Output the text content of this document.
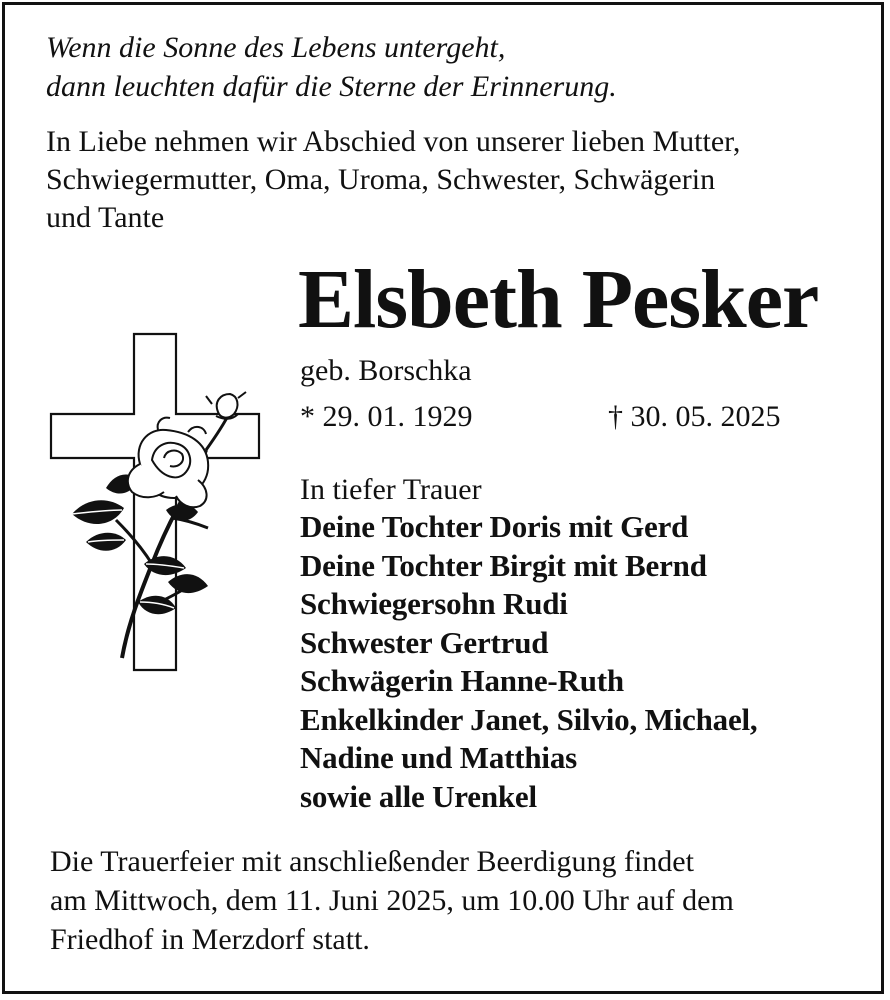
Wenn die Sonne des Lebens untergeht,
dann leuchten dafür die Sterne der Erinnerung.
In Liebe nehmen wir Abschied von unserer lieben Mutter,
Schwiegermutter, Oma, Uroma, Schwester, Schwägerin
und Tante
Elsbeth Pesker
geb. Borschka
* 29. 01. 1929	† 30. 05. 2025
In tiefer Trauer
Deine Tochter Doris mit Gerd
Deine Tochter Birgit mit Bernd
Schwiegersohn Rudi
Schwester Gertrud
Schwägerin Hanne-Ruth
Enkelkinder Janet, Silvio, Michael,
Nadine und Matthias
sowie alle Urenkel
Die Trauerfeier mit anschließender Beerdigung findet
am Mittwoch, dem 11. Juni 2025, um 10.00 Uhr auf dem
Friedhof in Merzdorf statt.
